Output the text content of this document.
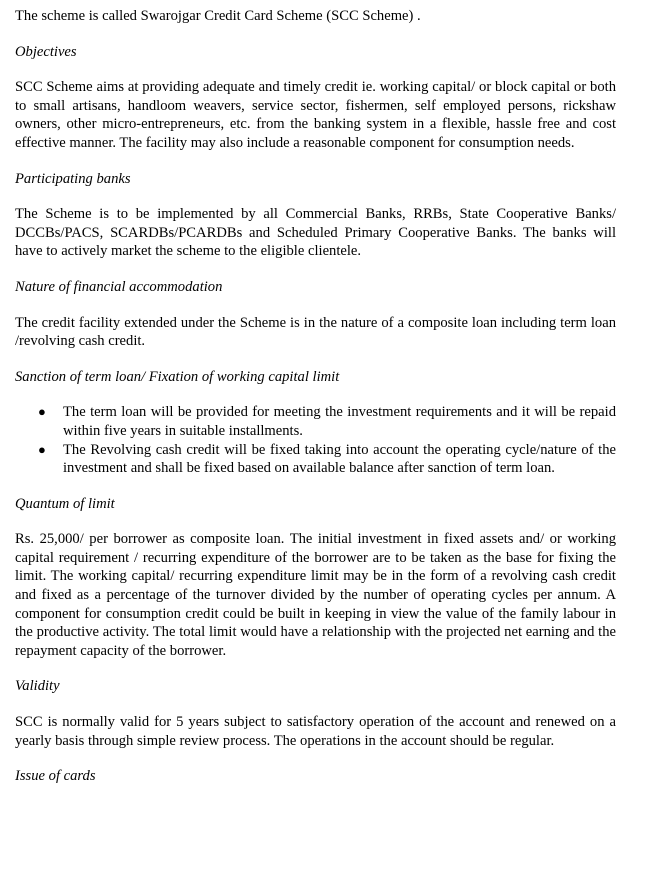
The scheme is called Swarojgar Credit Card Scheme (SCC Scheme) .

Objectives

SCC Scheme aims at providing adequate and timely credit ie. working capital/ or block capital or both to small artisans, handloom weavers, service sector, fishermen, self employed persons, rickshaw owners, other micro-entrepreneurs, etc. from the banking system in a flexible, hassle free and cost effective manner. The facility may also include a reasonable component for consumption needs.

Participating banks

The Scheme is to be implemented by all Commercial Banks, RRBs, State Cooperative Banks/ DCCBs/PACS, SCARDBs/PCARDBs and Scheduled Primary Cooperative Banks. The banks will have to actively market the scheme to the eligible clientele.

Nature of financial accommodation

The credit facility extended under the Scheme is in the nature of a composite loan including term loan /revolving cash credit.

Sanction of term loan/ Fixation of working capital limit

● The term loan will be provided for meeting the investment requirements and it will be repaid within five years in suitable installments.
● The Revolving cash credit will be fixed taking into account the operating cycle/nature of the investment and shall be fixed based on available balance after sanction of term loan.

Quantum of limit

Rs. 25,000/ per borrower as composite loan. The initial investment in fixed assets and/ or working capital requirement / recurring expenditure of the borrower are to be taken as the base for fixing the limit. The working capital/ recurring expenditure limit may be in the form of a revolving cash credit and fixed as a percentage of the turnover divided by the number of operating cycles per annum. A component for consumption credit could be built in keeping in view the value of the family labour in the productive activity. The total limit would have a relationship with the projected net earning and the repayment capacity of the borrower.

Validity

SCC is normally valid for 5 years subject to satisfactory operation of the account and renewed on a yearly basis through simple review process. The operations in the account should be regular.

Issue of cards
